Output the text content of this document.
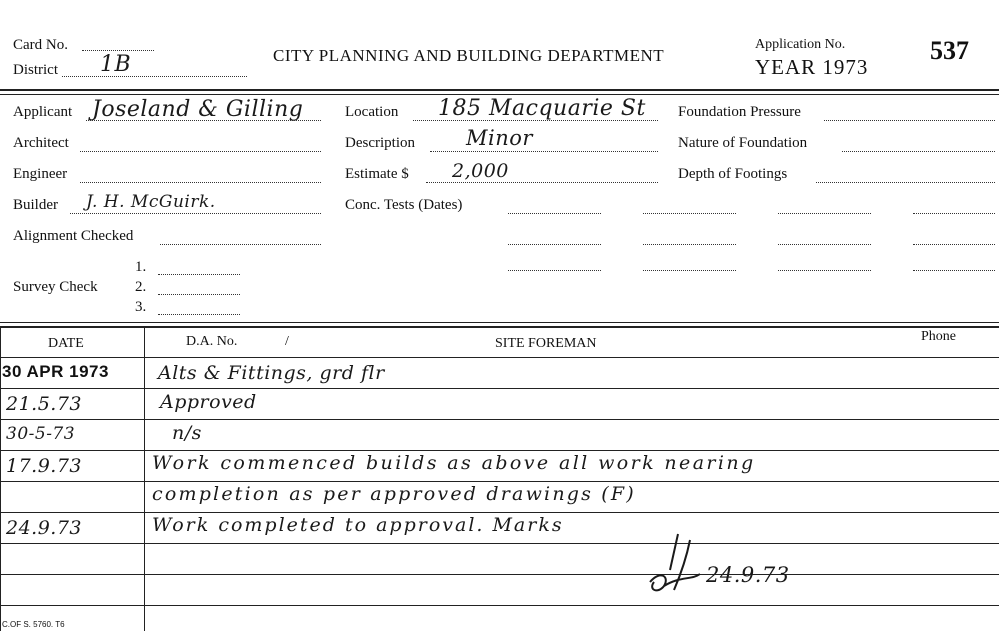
Card No.
District 1B	CITY PLANNING AND BUILDING DEPARTMENT
Application No.
YEAR 1973
537
Applicant Joseland & Gilling
Architect
Engineer
Builder J. H. McGuirk.
Alignment Checked
Survey Check
1.
2.
3.
Location 185 Macquarie St
Description Minor
Estimate $ 2,000
Conc. Tests (Dates)
Foundation Pressure
Nature of Foundation
Depth of Footings
DATE	D.A. No.	/	SITE FOREMAN	Phone
30 APR 1973	Alts & Fittings, grd flr
21.5.73	Approved
30-5-73	n/s
17.9.73	Work commenced builds as above all work nearing
completion as per approved drawings (F)
24.9.73	Work completed to approval. Marks
24.9.73
C.OF S. 5760. T6
